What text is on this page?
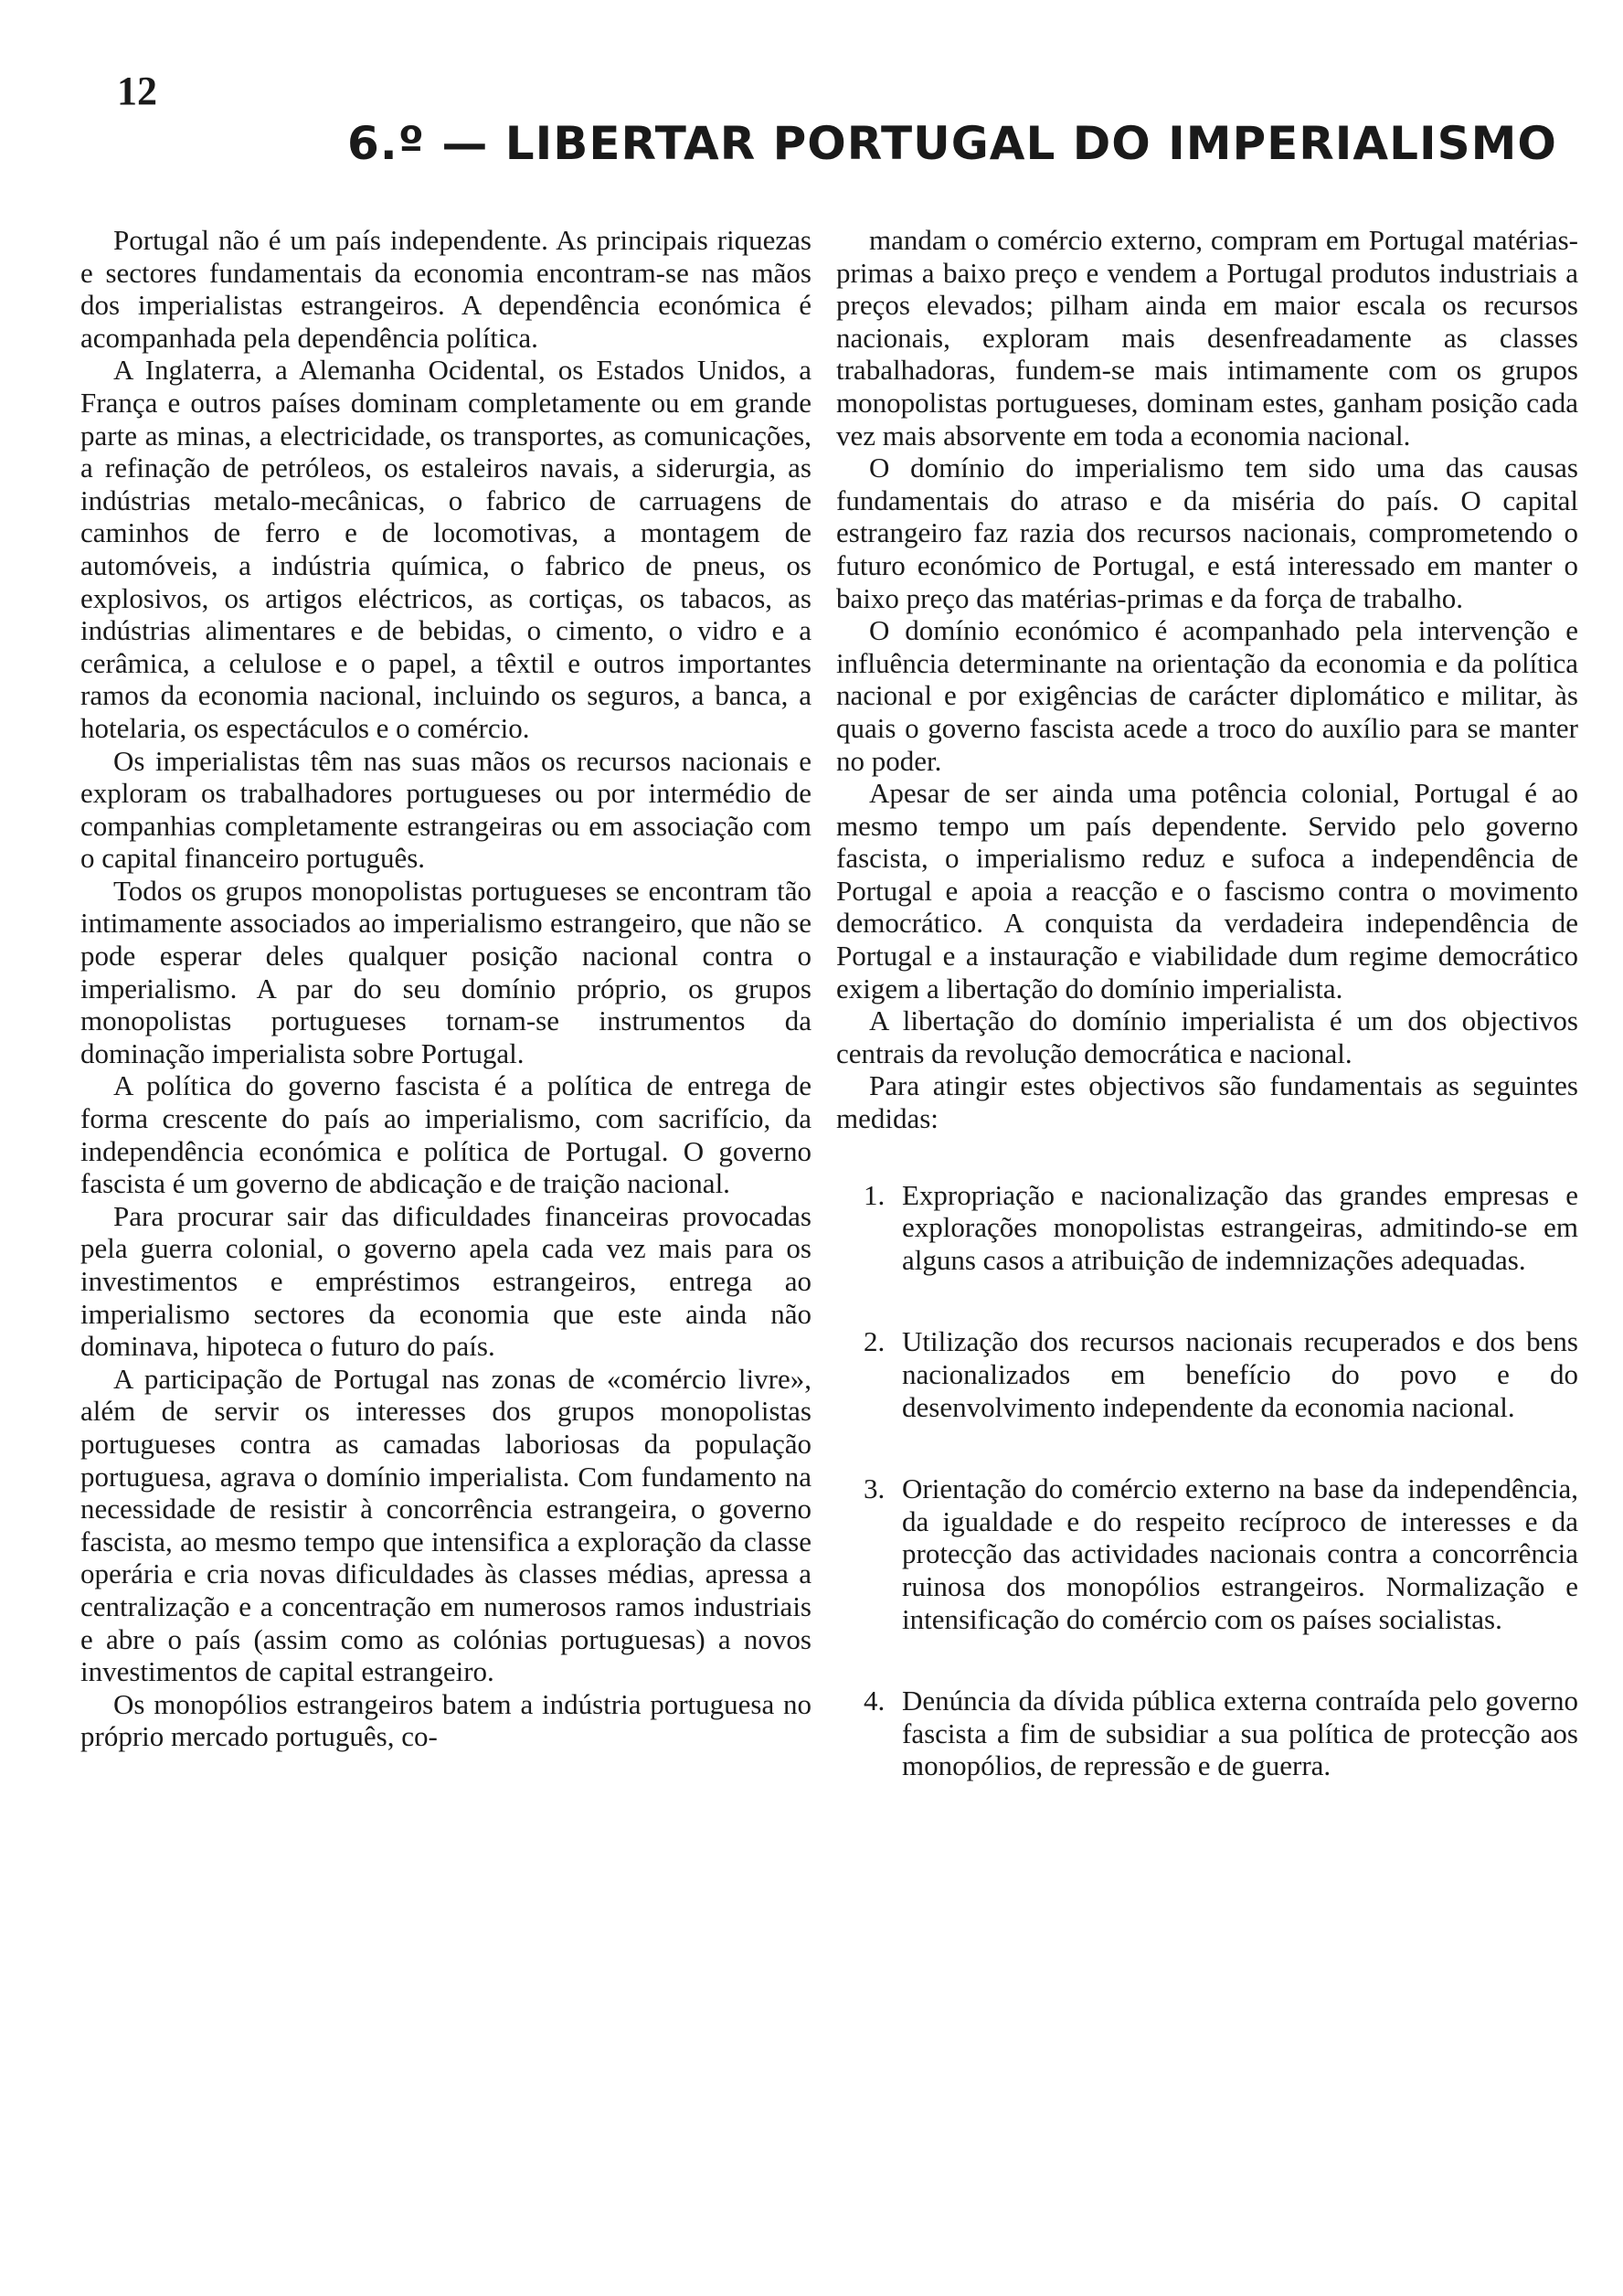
12
6.º — LIBERTAR PORTUGAL DO IMPERIALISMO

Portugal não é um país independente. As principais riquezas e sectores fundamentais da economia encontram-se nas mãos dos imperialistas estrangeiros. A dependência económica é acompanhada pela dependência política.

A Inglaterra, a Alemanha Ocidental, os Estados Unidos, a França e outros países dominam completamente ou em grande parte as minas, a electricidade, os transportes, as comunicações, a refinação de petróleos, os estaleiros navais, a siderurgia, as indústrias metalo-mecânicas, o fabrico de carruagens de caminhos de ferro e de locomotivas, a montagem de automóveis, a indústria química, o fabrico de pneus, os explosivos, os artigos eléctricos, as cortiças, os tabacos, as indústrias alimentares e de bebidas, o cimento, o vidro e a cerâmica, a celulose e o papel, a têxtil e outros importantes ramos da economia nacional, incluindo os seguros, a banca, a hotelaria, os espectáculos e o comércio.

Os imperialistas têm nas suas mãos os recursos nacionais e exploram os trabalhadores portugueses ou por intermédio de companhias completamente estrangeiras ou em associação com o capital financeiro português.

Todos os grupos monopolistas portugueses se encontram tão intimamente associados ao imperialismo estrangeiro, que não se pode esperar deles qualquer posição nacional contra o imperialismo. A par do seu domínio próprio, os grupos monopolistas portugueses tornam-se instrumentos da dominação imperialista sobre Portugal.

A política do governo fascista é a política de entrega de forma crescente do país ao imperialismo, com sacrifício, da independência económica e política de Portugal. O governo fascista é um governo de abdicação e de traição nacional.

Para procurar sair das dificuldades financeiras provocadas pela guerra colonial, o governo apela cada vez mais para os investimentos e empréstimos estrangeiros, entrega ao imperialismo sectores da economia que este ainda não dominava, hipoteca o futuro do país.

A participação de Portugal nas zonas de «comércio livre», além de servir os interesses dos grupos monopolistas portugueses contra as camadas laboriosas da população portuguesa, agrava o domínio imperialista. Com fundamento na necessidade de resistir à concorrência estrangeira, o governo fascista, ao mesmo tempo que intensifica a exploração da classe operária e cria novas dificuldades às classes médias, apressa a centralização e a concentração em numerosos ramos industriais e abre o país (assim como as colónias portuguesas) a novos investimentos de capital estrangeiro.

Os monopólios estrangeiros batem a indústria portuguesa no próprio mercado português, co-

mandam o comércio externo, compram em Portugal matérias-primas a baixo preço e vendem a Portugal produtos industriais a preços elevados; pilham ainda em maior escala os recursos nacionais, exploram mais desenfreadamente as classes trabalhadoras, fundem-se mais intimamente com os grupos monopolistas portugueses, dominam estes, ganham posição cada vez mais absorvente em toda a economia nacional.

O domínio do imperialismo tem sido uma das causas fundamentais do atraso e da miséria do país. O capital estrangeiro faz razia dos recursos nacionais, comprometendo o futuro económico de Portugal, e está interessado em manter o baixo preço das matérias-primas e da força de trabalho.

O domínio económico é acompanhado pela intervenção e influência determinante na orientação da economia e da política nacional e por exigências de carácter diplomático e militar, às quais o governo fascista acede a troco do auxílio para se manter no poder.

Apesar de ser ainda uma potência colonial, Portugal é ao mesmo tempo um país dependente. Servido pelo governo fascista, o imperialismo reduz e sufoca a independência de Portugal e apoia a reacção e o fascismo contra o movimento democrático. A conquista da verdadeira independência de Portugal e a instauração e viabilidade dum regime democrático exigem a libertação do domínio imperialista.

A libertação do domínio imperialista é um dos objectivos centrais da revolução democrática e nacional.

Para atingir estes objectivos são fundamentais as seguintes medidas:

1. Expropriação e nacionalização das grandes empresas e explorações monopolistas estrangeiras, admitindo-se em alguns casos a atribuição de indemnizações adequadas.
2. Utilização dos recursos nacionais recuperados e dos bens nacionalizados em benefício do povo e do desenvolvimento independente da economia nacional.
3. Orientação do comércio externo na base da independência, da igualdade e do respeito recíproco de interesses e da protecção das actividades nacionais contra a concorrência ruinosa dos monopólios estrangeiros. Normalização e intensificação do comércio com os países socialistas.
4. Denúncia da dívida pública externa contraída pelo governo fascista a fim de subsidiar a sua política de protecção aos monopólios, de repressão e de guerra.
